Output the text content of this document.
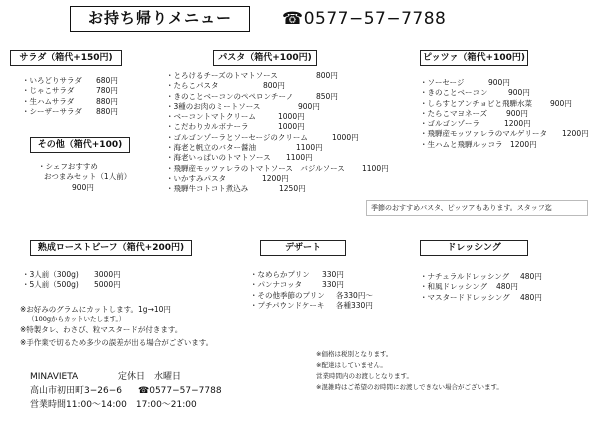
お持ち帰りメニュー	☎0577−57−7788
サラダ（箱代+150円)
・いろどりサラダ 680円
・じゃこサラダ	780円
・生ハムサラダ	880円
・シーザーサラダ 880円
その他（箱代+100)
・シェフおすすめ
おつまみセット（1人前）
900円
パスタ（箱代+100円)
・とろけるチーズのトマトソース	800円
・たらこパスタ	800円
・きのことベーコンのペペロンチーノ	850円
・3種のお肉のミートソース	900円
・ベーコントマトクリーム	1000円
・こだわりカルボナーラ	1000円
・ゴルゴンゾーラとソーセージのクリーム	1000円
・海老と帆立のバター醤油	1100円
・海老いっぱいのトマトソース 1100円
・飛騨産モッツァレラのトマトソース　バジルソース 1100円
・いかすみパスタ	1200円
・飛騨牛コトコト煮込み	1250円
ピッツァ（箱代+100円)
・ソーセージ	900円
・きのことベーコン	900円
・しらすとアンチョビと飛騨水菜 900円
・たらこマヨネーズ	900円
・ゴルゴンゾーラ	1200円
・飛騨産モッツァレラのマルゲリータ 1200円
・生ハムと飛騨ルッコラ 1200円
季節のおすすめパスタ、ピッツアもあります。スタッフ迄
熟成ローストビーフ（箱代+200円)
・3人前（300g) 3000円
・5人前（500g) 5000円
※お好みのグラムにカットします。1g→10円
（100gからカットいたします。）
※特製タレ、わさび、粒マスタードが付きます。
※手作業で切るため多少の誤差が出る場合がございます。
デザート
・なめらかプリン 330円
・パンナコッタ	330円
・その他季節のプリン 各330円〜
・プチパウンドケーキ 各種330円
ドレッシング
・ナチュラルドレッシング 480円
・和風ドレッシング 480円
・マスタードドレッシング 480円
※価格は税別となります。
※配達はしていません。
営業時間内のお渡しとなります。
※混雑時はご希望のお時間にお渡しできない場合がございます。
MINAVIETA	定休日　水曜日
高山市初田町3−26−6 ☎0577−57−7788
営業時間11:00〜14:00　17:00〜21:00
